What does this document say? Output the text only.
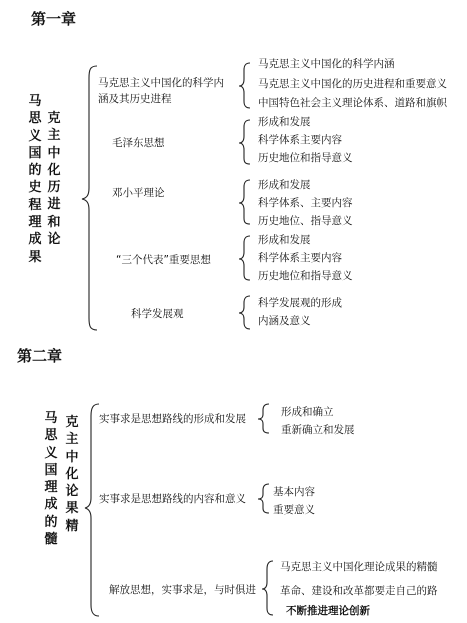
第一章
马思义国的史程理成果
克主中化历进和论
马克思主义中国化的科学内
涵及其历史进程
马克思主义中国化的科学内涵
马克思主义中国化的历史进程和重要意义
中国特色社会主义理论体系、道路和旗帜
毛泽东思想
形成和发展
科学体系主要内容
历史地位和指导意义
邓小平理论
形成和发展
科学体系、主要内容
历史地位、指导意义
“三个代表”重要思想
形成和发展
科学体系主要内容
历史地位和指导意义
科学发展观
科学发展观的形成
内涵及意义
第二章
马思义国理成的髓
克主中化论果精
实事求是思想路线的形成和发展
形成和确立
重新确立和发展
实事求是思想路线的内容和意义
基本内容
重要意义
解放思想，实事求是，与时俱进
马克思主义中国化理论成果的精髓
革命、建设和改革都要走自己的路
不断推进理论创新
